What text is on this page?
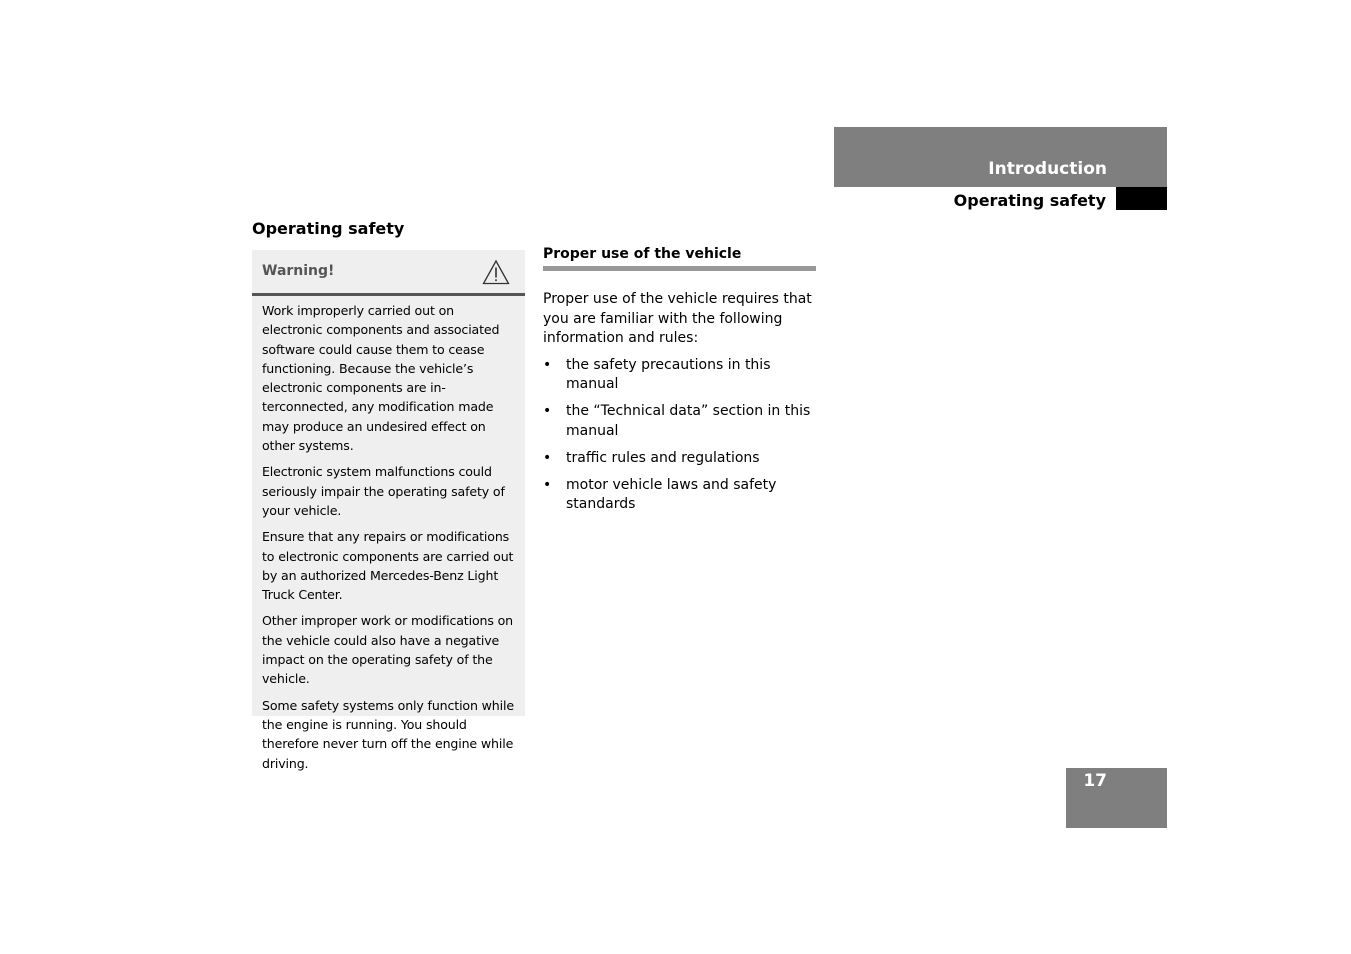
Introduction
Operating safety
Operating safety
Warning!

Work improperly carried out on electronic components and associated software could cause them to cease functioning. Because the vehicle’s electronic components are interconnected, any modification made may produce an undesired effect on other systems.

Electronic system malfunctions could seriously impair the operating safety of your vehicle.

Ensure that any repairs or modifications to electronic components are carried out by an authorized Mercedes-Benz Light Truck Center.

Other improper work or modifications on the vehicle could also have a negative impact on the operating safety of the vehicle.

Some safety systems only function while the engine is running. You should therefore never turn off the engine while driving.

Proper use of the vehicle

Proper use of the vehicle requires that you are familiar with the following information and rules:

• the safety precautions in this manual
• the “Technical data” section in this manual
• traffic rules and regulations
• motor vehicle laws and safety standards
17
